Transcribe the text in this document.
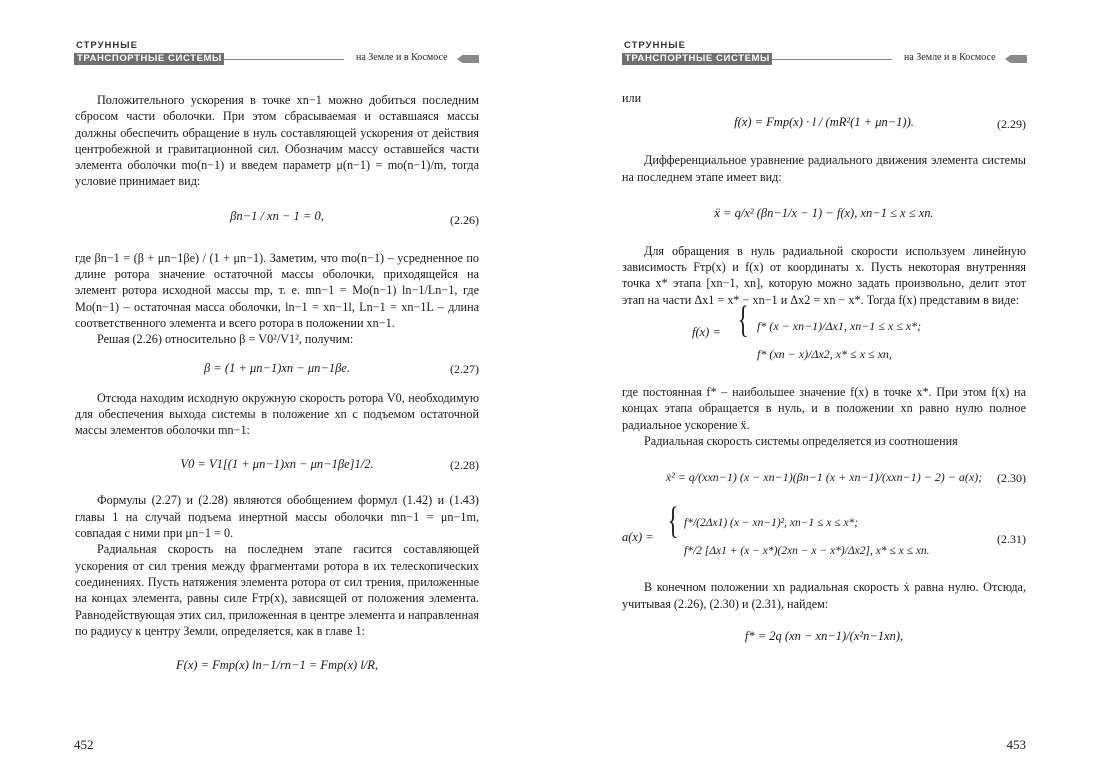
СТРУННЫЕ
ТРАНСПОРТНЫЕ СИСТЕМЫ >>
на Земле и в Космосе

Положительного ускорения в точке xn−1 можно добиться последним сбросом части оболочки. При этом сбрасываемая и оставшаяся массы должны обеспечить обращение в нуль составляющей ускорения от действия центробежной и гравитационной сил. Обозначим массу оставшейся части элемента оболочки mo(n−1) и введем параметр μ(n−1) = mo(n−1)/m, тогда условие принимает вид:

βn−1 / xn − 1 = 0,	(2.26)

где βn−1 = (β + μn−1βe) / (1 + μn−1). Заметим, что mo(n−1) – усредненное по длине ротора значение остаточной массы оболочки, приходящейся на элемент ротора исходной массы mp, т. е. mn−1 = Mo(n−1) ln−1/Ln−1, где Mo(n−1) – остаточная масса оболочки, ln−1 = xn−1l, Ln−1 = xn−1L – длина соответственного элемента и всего ротора в положении xn−1.

Решая (2.26) относительно β = V0²/V1², получим:

β = (1 + μn−1)xn − μn−1βe.	(2.27)

Отсюда находим исходную окружную скорость ротора V0, необходимую для обеспечения выхода системы в положение xn с подъемом остаточной массы элементов оболочки mn−1:

V0 = V1[(1 + μn−1)xn − μn−1βe]1/2.	(2.28)

Формулы (2.27) и (2.28) являются обобщением формул (1.42) и (1.43) главы 1 на случай подъема инертной массы оболочки mn−1 = μn−1m, совпадая с ними при μn−1 = 0.

Радиальная скорость на последнем этапе гасится составляющей ускорения от сил трения между фрагментами ротора в их телескопических соединениях. Пусть натяжения элемента ротора от сил трения, приложенные на концах элемента, равны силе Fтр(x), зависящей от положения элемента. Равнодействующая этих сил, приложенная в центре элемента и направленная по радиусу к центру Земли, определяется, как в главе 1:

F(x) = Fтр(x) ln−1/rn−1 = Fтр(x) l/R,
452
СТРУННЫЕ
ТРАНСПОРТНЫЕ СИСТЕМЫ >>
на Земле и в Космосе

или

f(x) = Fтр(x) · l / (mR²(1 + μn−1)).	(2.29)

Дифференциальное уравнение радиального движения элемента системы на последнем этапе имеет вид:

ẍ = q/x² (βn−1/x − 1) − f(x), xn−1 ≤ x ≤ xn.

Для обращения в нуль радиальной скорости используем линейную зависимость Fтр(x) и f(x) от координаты x. Пусть некоторая внутренняя точка x* этапа [xn−1, xn], которую можно задать произвольно, делит этот этап на части Δx1 = x* − xn−1 и Δx2 = xn − x*. Тогда f(x) представим в виде:

f(x) = { f* (x − xn−1)/Δx1, xn−1 ≤ x ≤ x*;
f* (xn − x)/Δx2, x* ≤ x ≤ xn,

где постоянная f* – наибольшее значение f(x) в точке x*. При этом f(x) на концах этапа обращается в нуль, и в положении xn равно нулю полное радиальное ускорение ẍ.

Радиальная скорость системы определяется из соотношения

ẋ² = q/(xxn−1) (x − xn−1)(βn−1 (x + xn−1)/(xxn−1) − 2) − a(x);	(2.30)
a(x) = { f*/(2Δx1) (x − xn−1)², xn−1 ≤ x ≤ x*;
f*/2 [Δx1 + (x − x*)(2xn − x − x*)/Δx2], x* ≤ x ≤ xn.
(2.31)

В конечном положении xn радиальная скорость ẋ равна нулю. Отсюда, учитывая (2.26), (2.30) и (2.31), найдем:

f* = 2q (xn − xn−1)/(x²n−1xn),
453
